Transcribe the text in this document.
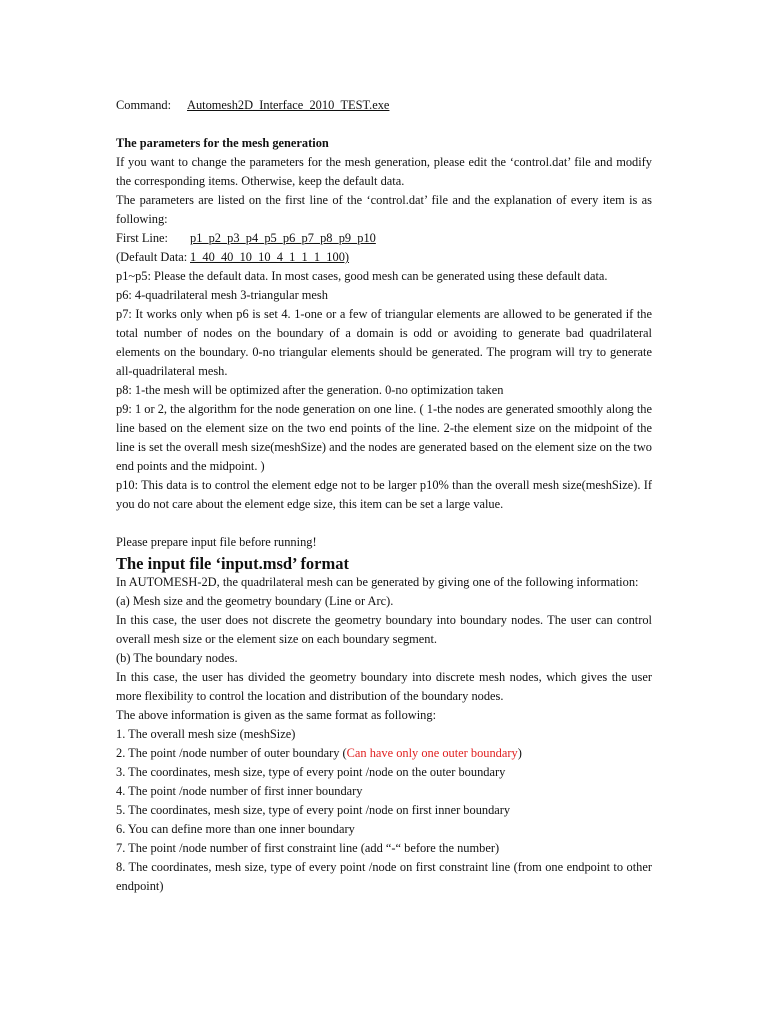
Command: Automesh2D_Interface_2010_TEST.exe
The parameters for the mesh generation
If you want to change the parameters for the mesh generation, please edit the ‘control.dat’ file and modify the corresponding items. Otherwise, keep the default data.
The parameters are listed on the first line of the ‘control.dat’ file and the explanation of every item is as following:
First Line: p1_p2_p3_p4_p5_p6_p7_p8_p9_p10
(Default Data: 1_40_40_10_10_4_1_1_1_100)
p1~p5: Please the default data. In most cases, good mesh can be generated using these default data.
p6: 4-quadrilateral mesh 3-triangular mesh
p7: It works only when p6 is set 4. 1-one or a few of triangular elements are allowed to be generated if the total number of nodes on the boundary of a domain is odd or avoiding to generate bad quadrilateral elements on the boundary. 0-no triangular elements should be generated. The program will try to generate all-quadrilateral mesh.
p8: 1-the mesh will be optimized after the generation. 0-no optimization taken
p9: 1 or 2, the algorithm for the node generation on one line. ( 1-the nodes are generated smoothly along the line based on the element size on the two end points of the line. 2-the element size on the midpoint of the line is set the overall mesh size(meshSize) and the nodes are generated based on the element size on the two end points and the midpoint. )
p10: This data is to control the element edge not to be larger p10% than the overall mesh size(meshSize). If you do not care about the element edge size, this item can be set a large value.
Please prepare input file before running!
The input file ‘input.msd’ format
In AUTOMESH-2D, the quadrilateral mesh can be generated by giving one of the following information:
(a) Mesh size and the geometry boundary (Line or Arc).
In this case, the user does not discrete the geometry boundary into boundary nodes. The user can control overall mesh size or the element size on each boundary segment.
(b) The boundary nodes.
In this case, the user has divided the geometry boundary into discrete mesh nodes, which gives the user more flexibility to control the location and distribution of the boundary nodes.
The above information is given as the same format as following:
1. The overall mesh size (meshSize)
2. The point /node number of outer boundary (Can have only one outer boundary)
3. The coordinates, mesh size, type of every point /node on the outer boundary
4. The point /node number of first inner boundary
5. The coordinates, mesh size, type of every point /node on first inner boundary
6. You can define more than one inner boundary
7. The point /node number of first constraint line (add “-“ before the number)
8. The coordinates, mesh size, type of every point /node on first constraint line (from one endpoint to other endpoint)
